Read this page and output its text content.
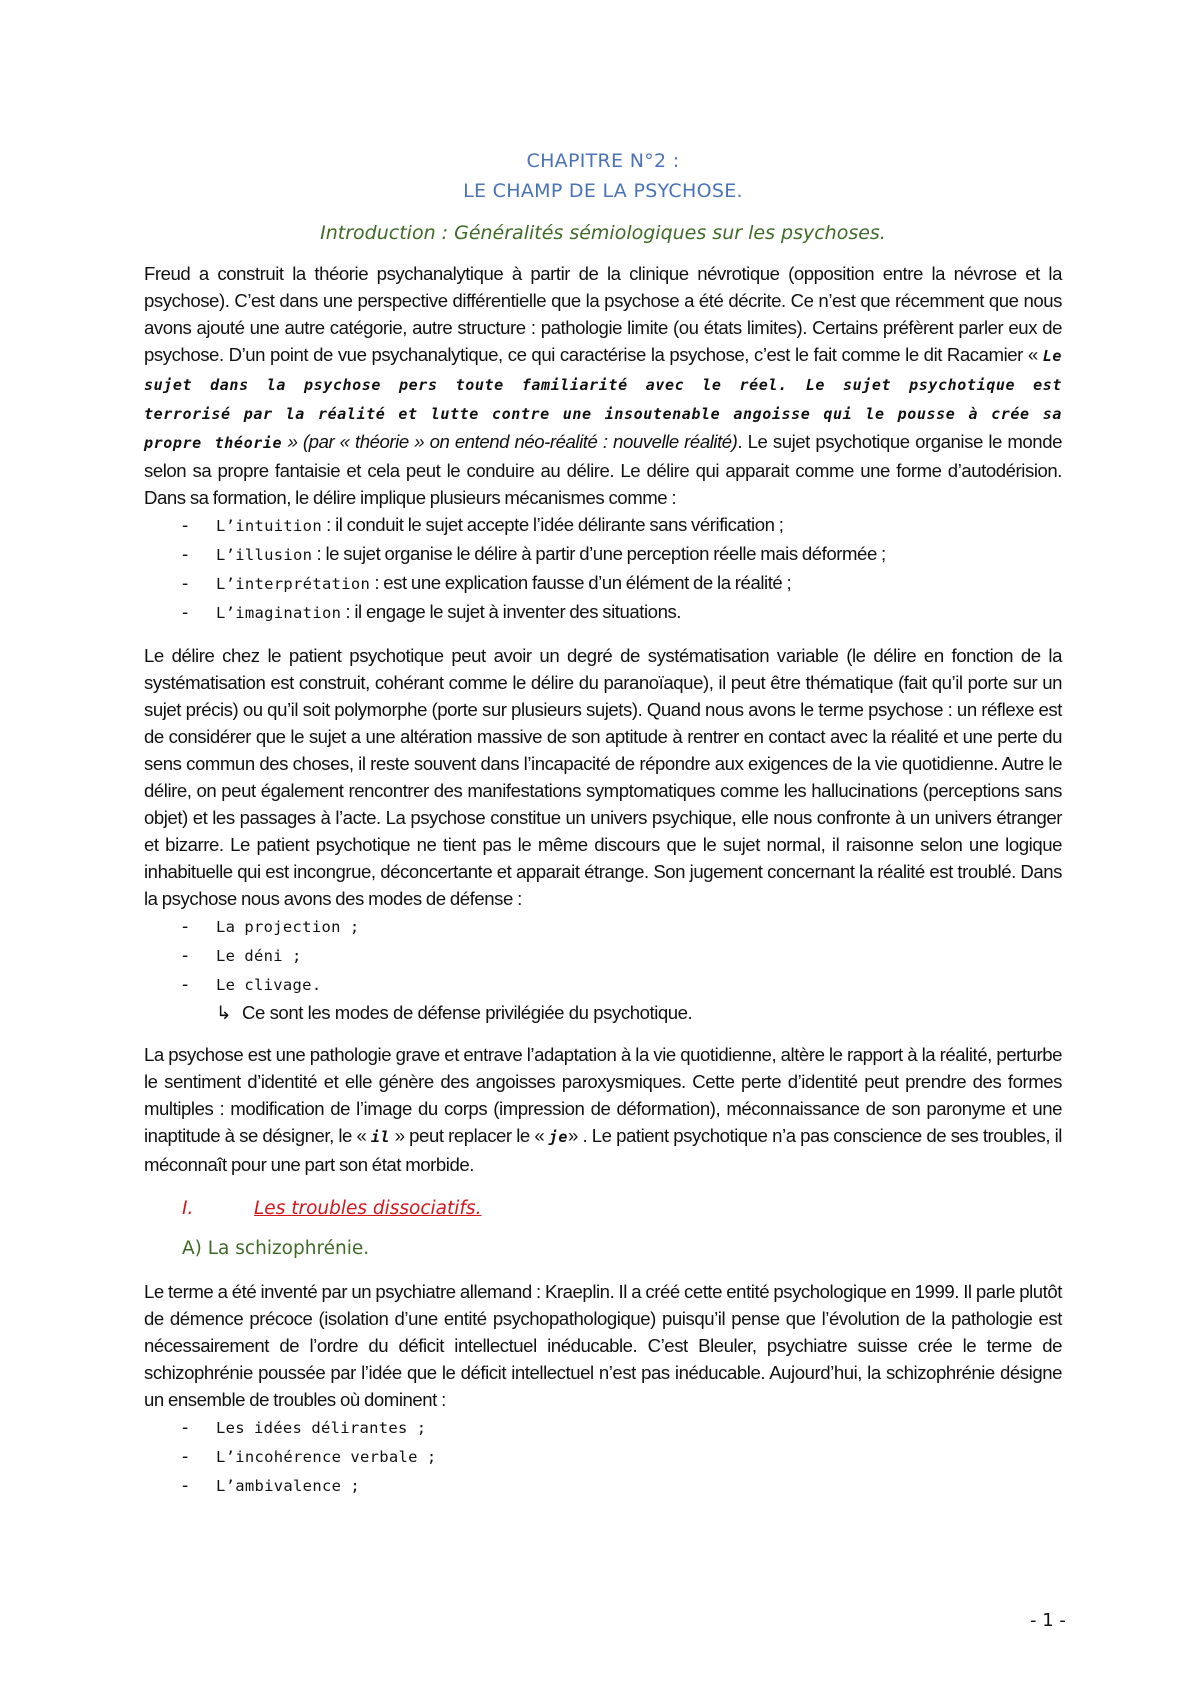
CHAPITRE N°2 :
LE CHAMP DE LA PSYCHOSE.
Introduction : Généralités sémiologiques sur les psychoses.

Freud a construit la théorie psychanalytique à partir de la clinique névrotique (opposition entre la névrose et la psychose). C’est dans une perspective différentielle que la psychose a été décrite. Ce n’est que récemment que nous avons ajouté une autre catégorie, autre structure : pathologie limite (ou états limites). Certains préfèrent parler eux de psychose. D’un point de vue psychanalytique, ce qui caractérise la psychose, c’est le fait comme le dit Racamier « Le sujet dans la psychose pers toute familiarité avec le réel. Le sujet psychotique est terrorisé par la réalité et lutte contre une insoutenable angoisse qui le pousse à crée sa propre théorie » (par « théorie » on entend néo-réalité : nouvelle réalité). Le sujet psychotique organise le monde selon sa propre fantaisie et cela peut le conduire au délire. Le délire qui apparait comme une forme d’autodérision. Dans sa formation, le délire implique plusieurs mécanismes comme :

- L’intuition : il conduit le sujet accepte l’idée délirante sans vérification ;
- L’illusion : le sujet organise le délire à partir d’une perception réelle mais déformée ;
- L’interprétation : est une explication fausse d’un élément de la réalité ;
- L’imagination : il engage le sujet à inventer des situations.

Le délire chez le patient psychotique peut avoir un degré de systématisation variable (le délire en fonction de la systématisation est construit, cohérant comme le délire du paranoïaque), il peut être thématique (fait qu’il porte sur un sujet précis) ou qu’il soit polymorphe (porte sur plusieurs sujets). Quand nous avons le terme psychose : un réflexe est de considérer que le sujet a une altération massive de son aptitude à rentrer en contact avec la réalité et une perte du sens commun des choses, il reste souvent dans l’incapacité de répondre aux exigences de la vie quotidienne. Autre le délire, on peut également rencontrer des manifestations symptomatiques comme les hallucinations (perceptions sans objet) et les passages à l’acte. La psychose constitue un univers psychique, elle nous confronte à un univers étranger et bizarre. Le patient psychotique ne tient pas le même discours que le sujet normal, il raisonne selon une logique inhabituelle qui est incongrue, déconcertante et apparait étrange. Son jugement concernant la réalité est troublé. Dans la psychose nous avons des modes de défense :

- La projection ;
- Le déni ;
- Le clivage.
↳ Ce sont les modes de défense privilégiée du psychotique.

La psychose est une pathologie grave et entrave l’adaptation à la vie quotidienne, altère le rapport à la réalité, perturbe le sentiment d’identité et elle génère des angoisses paroxysmiques. Cette perte d’identité peut prendre des formes multiples : modification de l’image du corps (impression de déformation), méconnaissance de son paronyme et une inaptitude à se désigner, le « il » peut replacer le « je» . Le patient psychotique n’a pas conscience de ses troubles, il méconnaît pour une part son état morbide.

I.	Les troubles dissociatifs.
A) La schizophrénie.

Le terme a été inventé par un psychiatre allemand : Kraeplin. Il a créé cette entité psychologique en 1999. Il parle plutôt de démence précoce (isolation d’une entité psychopathologique) puisqu’il pense que l’évolution de la pathologie est nécessairement de l’ordre du déficit intellectuel inéducable. C’est Bleuler, psychiatre suisse crée le terme de schizophrénie poussée par l’idée que le déficit intellectuel n’est pas inéducable. Aujourd’hui, la schizophrénie désigne un ensemble de troubles où dominent :

- Les idées délirantes ;
- L’incohérence verbale ;
- L’ambivalence ;
- 1 -
